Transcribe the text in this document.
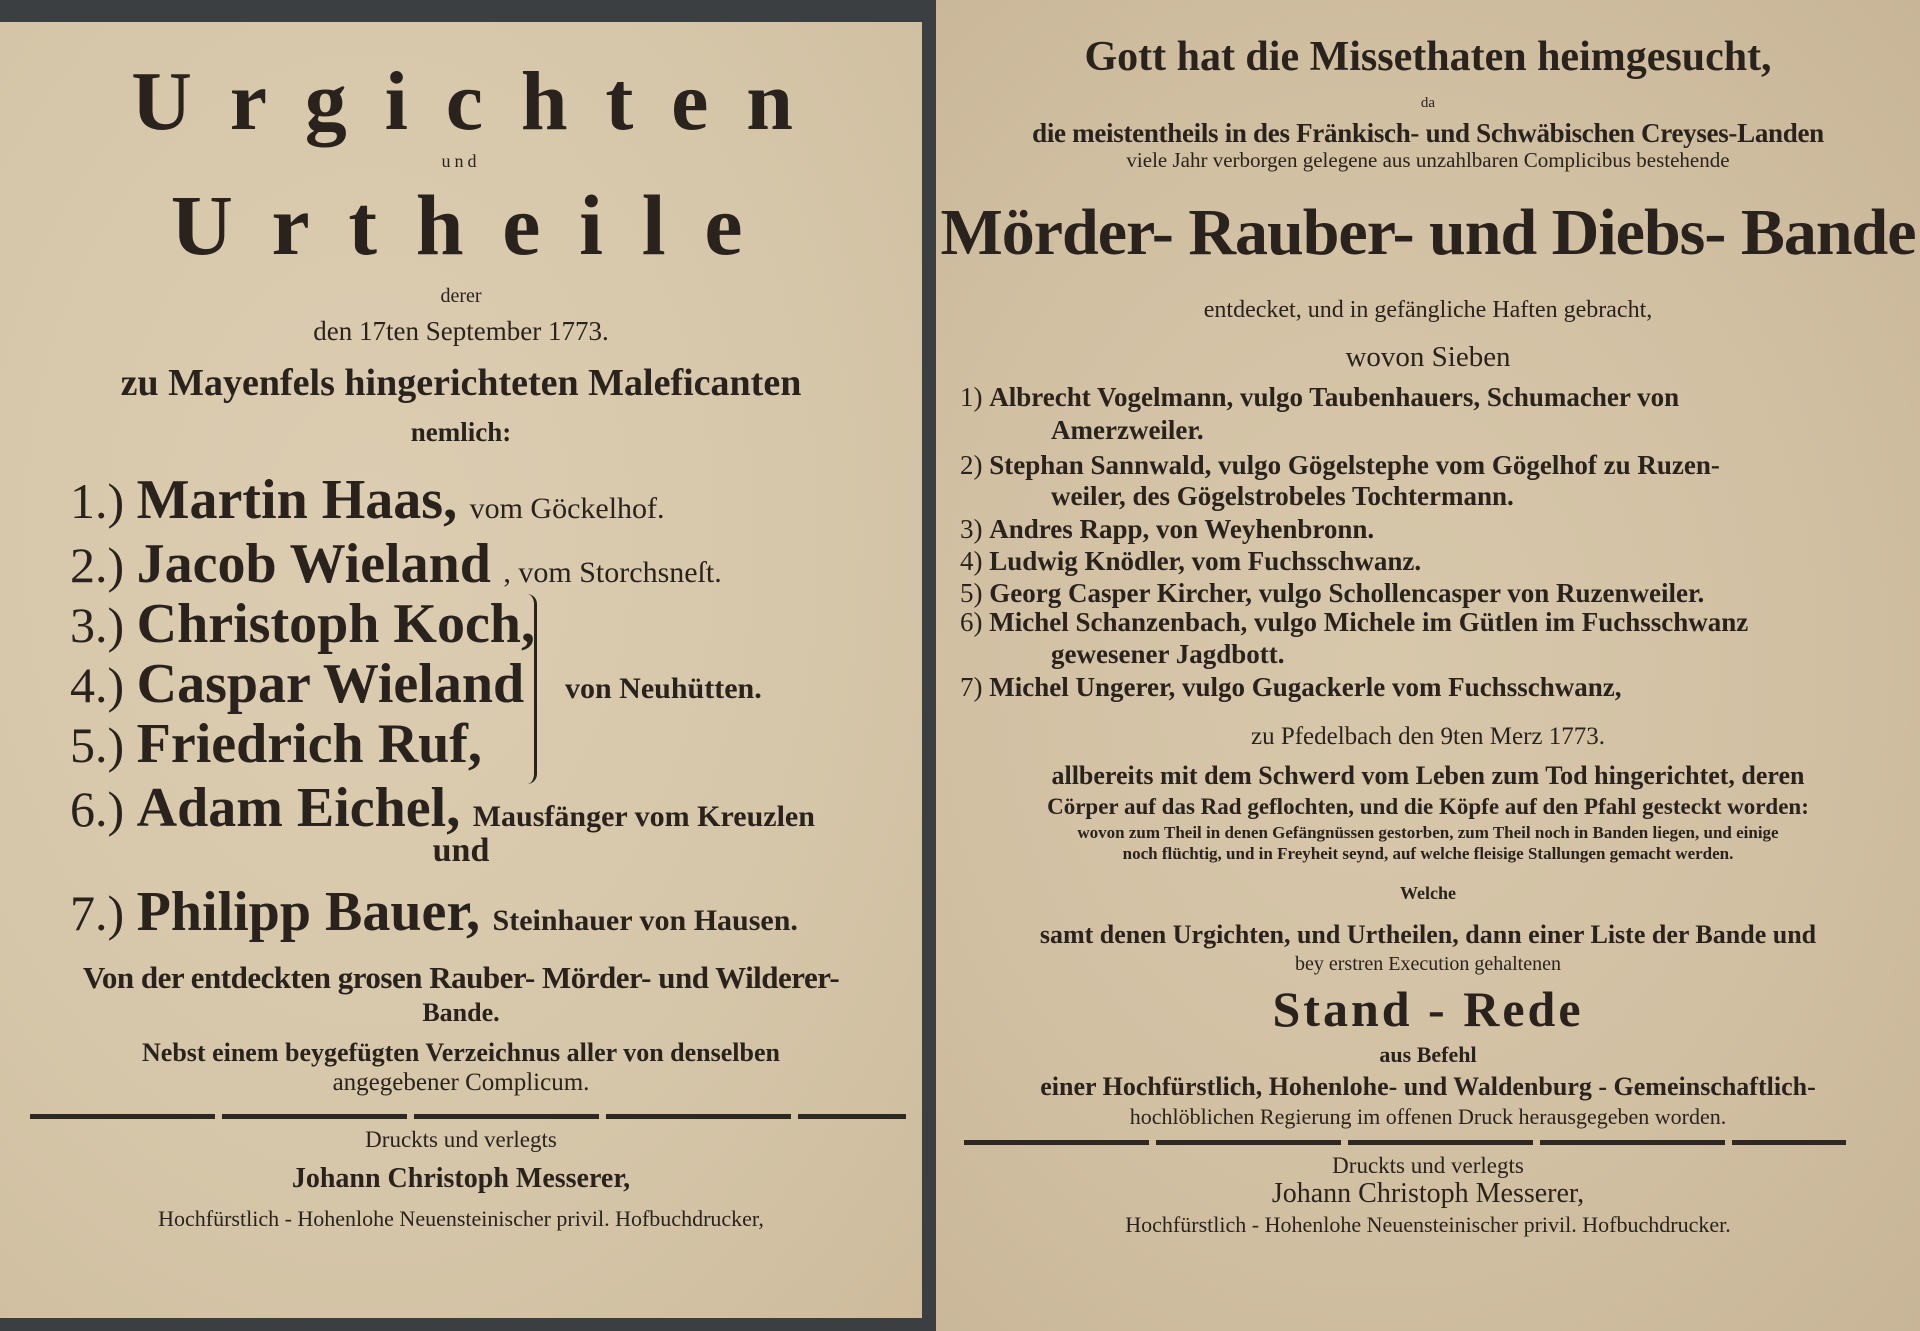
Urgichten
und
Urtheile
derer
den 17ten September 1773.
zu Mayenfels hingerichteten Maleficanten
nemlich:
1.) Martin Haas, vom Göckelhof.
2.) Jacob Wieland , vom Storchsneſt.
3.) Christoph Koch,
4.) Caspar Wieland
5.) Friedrich Ruf,
von Neuhütten.
6.) Adam Eichel, Mausfänger vom Kreuzlen
und
7.) Philipp Bauer, Steinhauer von Hausen.
Von der entdeckten grosen Rauber- Mörder- und Wilderer-
Bande.
Nebst einem beygefügten Verzeichnus aller von denselben
angegebener Complicum.
Druckts und verlegts
Johann Christoph Messerer,
Hochfürstlich - Hohenlohe Neuensteinischer privil. Hofbuchdrucker,
Gott hat die Missethaten heimgesucht,
da
die meistentheils in des Fränkisch- und Schwäbischen Creyses-Landen
viele Jahr verborgen gelegene aus unzahlbaren Complicibus bestehende
Mörder- Rauber- und Diebs- Bande
entdecket, und in gefängliche Haften gebracht,
wovon Sieben
1) Albrecht Vogelmann, vulgo Taubenhauers, Schumacher von
Amerzweiler.
2) Stephan Sannwald, vulgo Gögelstephe vom Gögelhof zu Ruzen-
weiler, des Gögelstrobeles Tochtermann.
3) Andres Rapp, von Weyhenbronn.
4) Ludwig Knödler, vom Fuchsschwanz.
5) Georg Casper Kircher, vulgo Schollencasper von Ruzenweiler.
6) Michel Schanzenbach, vulgo Michele im Gütlen im Fuchsschwanz
gewesener Jagdbott.
7) Michel Ungerer, vulgo Gugackerle vom Fuchsschwanz,
zu Pfedelbach den 9ten Merz 1773.
allbereits mit dem Schwerd vom Leben zum Tod hingerichtet, deren
Cörper auf das Rad geflochten, und die Köpfe auf den Pfahl gesteckt worden:
wovon zum Theil in denen Gefängnüssen gestorben, zum Theil noch in Banden liegen, und einige
noch flüchtig, und in Freyheit seynd, auf welche fleisige Stallungen gemacht werden.
Welche
samt denen Urgichten, und Urtheilen, dann einer Liste der Bande und
bey erstren Execution gehaltenen
Stand - Rede
aus Befehl
einer Hochfürstlich, Hohenlohe- und Waldenburg - Gemeinschaftlich-
hochlöblichen Regierung im offenen Druck herausgegeben worden.
Druckts und verlegts
Johann Christoph Messerer,
Hochfürstlich - Hohenlohe Neuensteinischer privil. Hofbuchdrucker.
